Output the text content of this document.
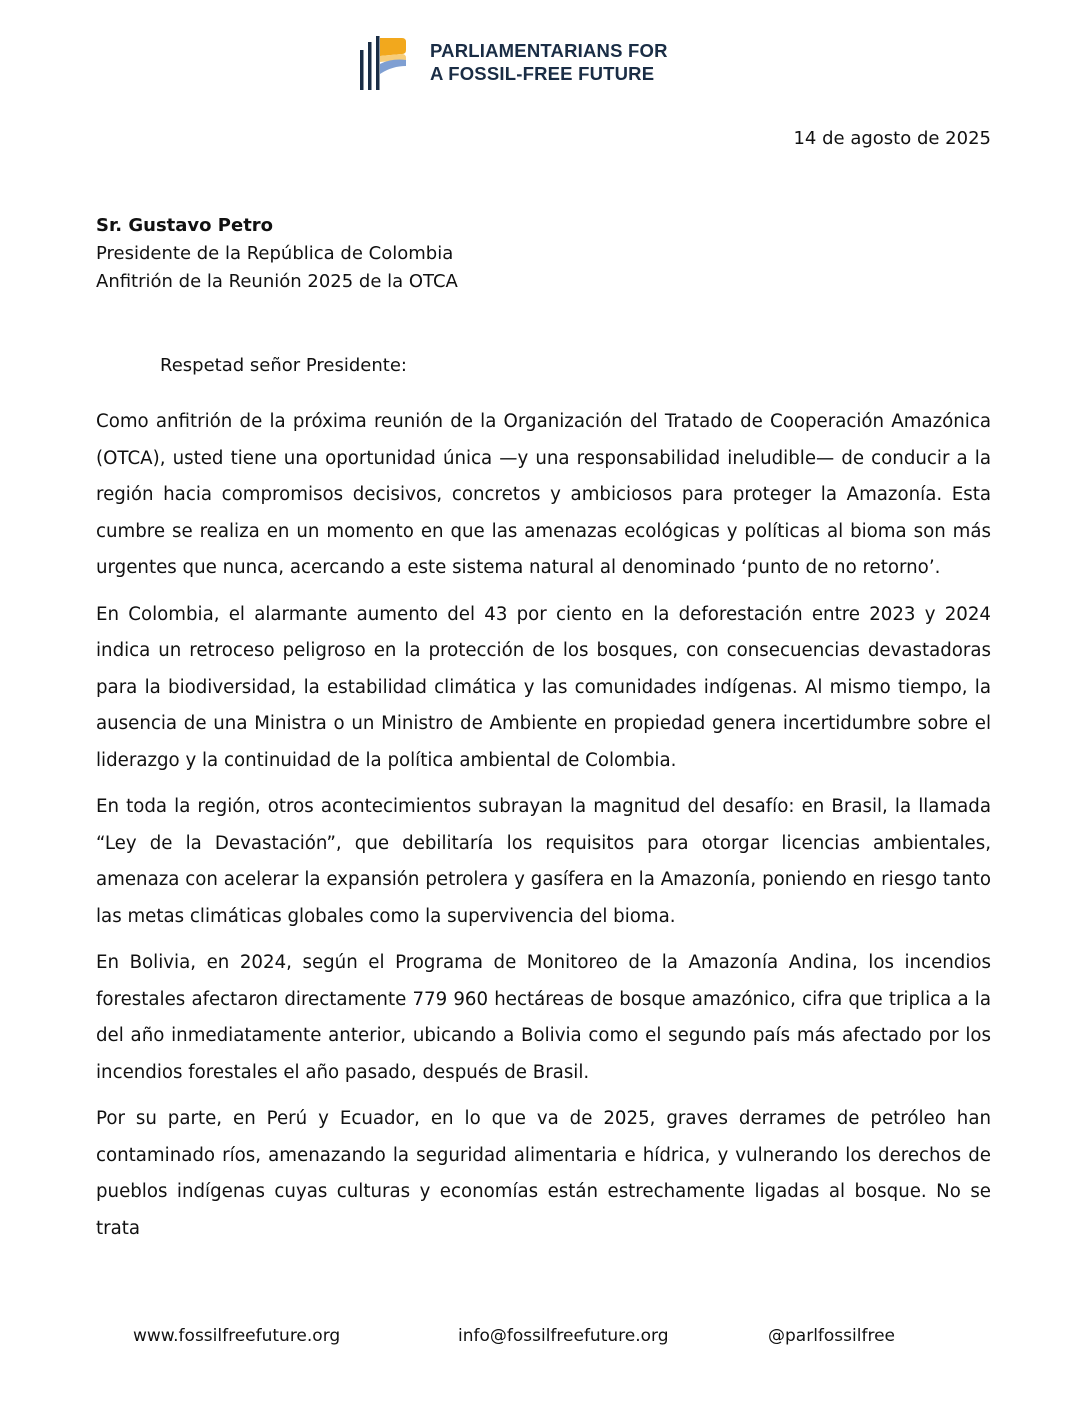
PARLIAMENTARIANS FOR
A FOSSIL-FREE FUTURE
14 de agosto de 2025
Sr. Gustavo Petro
Presidente de la República de Colombia
Anfitrión de la Reunión 2025 de la OTCA
Respetad señor Presidente:

Como anfitrión de la próxima reunión de la Organización del Tratado de Cooperación Amazónica (OTCA), usted tiene una oportunidad única —y una responsabilidad ineludible— de conducir a la región hacia compromisos decisivos, concretos y ambiciosos para proteger la Amazonía. Esta cumbre se realiza en un momento en que las amenazas ecológicas y políticas al bioma son más urgentes que nunca, acercando a este sistema natural al denominado ‘punto de no retorno’.

En Colombia, el alarmante aumento del 43 por ciento en la deforestación entre 2023 y 2024 indica un retroceso peligroso en la protección de los bosques, con consecuencias devastadoras para la biodiversidad, la estabilidad climática y las comunidades indígenas. Al mismo tiempo, la ausencia de una Ministra o un Ministro de Ambiente en propiedad genera incertidumbre sobre el liderazgo y la continuidad de la política ambiental de Colombia.

En toda la región, otros acontecimientos subrayan la magnitud del desafío: en Brasil, la llamada “Ley de la Devastación”, que debilitaría los requisitos para otorgar licencias ambientales, amenaza con acelerar la expansión petrolera y gasífera en la Amazonía, poniendo en riesgo tanto las metas climáticas globales como la supervivencia del bioma.

En Bolivia, en 2024, según el Programa de Monitoreo de la Amazonía Andina, los incendios forestales afectaron directamente 779 960 hectáreas de bosque amazónico, cifra que triplica a la del año inmediatamente anterior, ubicando a Bolivia como el segundo país más afectado por los incendios forestales el año pasado, después de Brasil.

Por su parte, en Perú y Ecuador, en lo que va de 2025, graves derrames de petróleo han contaminado ríos, amenazando la seguridad alimentaria e hídrica, y vulnerando los derechos de pueblos indígenas cuyas culturas y economías están estrechamente ligadas al bosque. No se trata

www.fossilfreefuture.org	info@fossilfreefuture.org	@parlfossilfree
